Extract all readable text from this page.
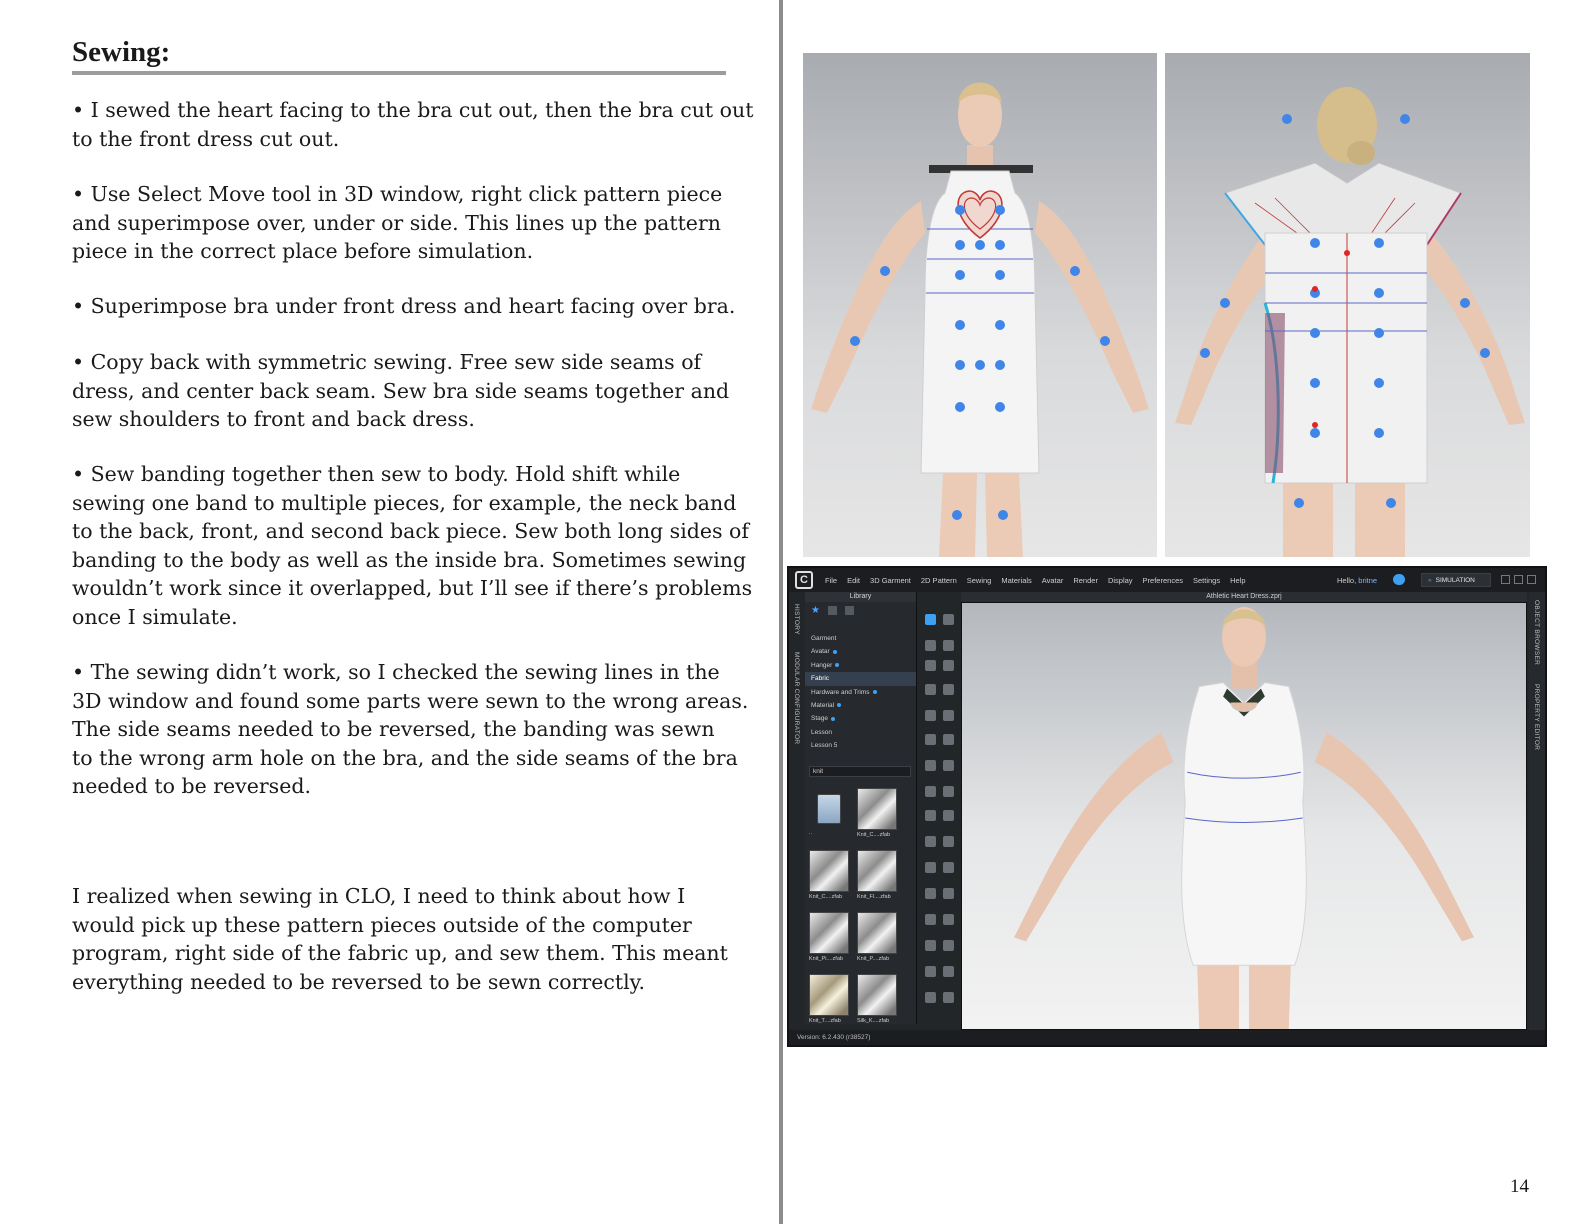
Sewing:
• I sewed the heart facing to the bra cut out, then the bra cut out
to the front dress cut out.
• Use Select Move tool in 3D window, right click pattern piece
and superimpose over, under or side. This lines up the pattern
piece in the correct place before simulation.
• Superimpose bra under front dress and heart facing over bra.
• Copy back with symmetric sewing. Free sew side seams of
dress, and center back seam. Sew bra side seams together and
sew shoulders to front and back dress.
• Sew banding together then sew to body. Hold shift while
sewing one band to multiple pieces, for example, the neck band
to the back, front, and second back piece. Sew both long sides of
banding to the body as well as the inside bra. Sometimes sewing
wouldn’t work since it overlapped, but I’ll see if there’s problems
once I simulate.
• The sewing didn’t work, so I checked the sewing lines in the
3D window and found some parts were sewn to the wrong areas.
The side seams needed to be reversed, the banding was sewn
to the wrong arm hole on the bra, and the side seams of the bra
needed to be reversed.
I realized when sewing in CLO, I need to think about how I
would pick up these pattern pieces outside of the computer
program, right side of the fabric up, and sew them. This meant
everything needed to be reversed to be sewn correctly.
14
C	File Edit 3D Garment 2D Pattern Sewing Materials Avatar Render Display Preferences Settings Help	Hello, britne	» SIMULATION
HISTORY
MODULAR CONFIGURATOR
Library
★
Garment
Avatar
Hanger
Fabric
Hardware and Trims
Material
Stage
Lesson
Lesson 5
knit
..	Knit_C....zfab
Knit_C....zfab	Knit_Fl....zfab
Knit_Pi....zfab	Knit_P....zfab
Knit_T....zfab	Silk_K....zfab
Athletic Heart Dress.zprj
OBJECT BROWSER
PROPERTY EDITOR
Version: 6.2.430 (r38527)
